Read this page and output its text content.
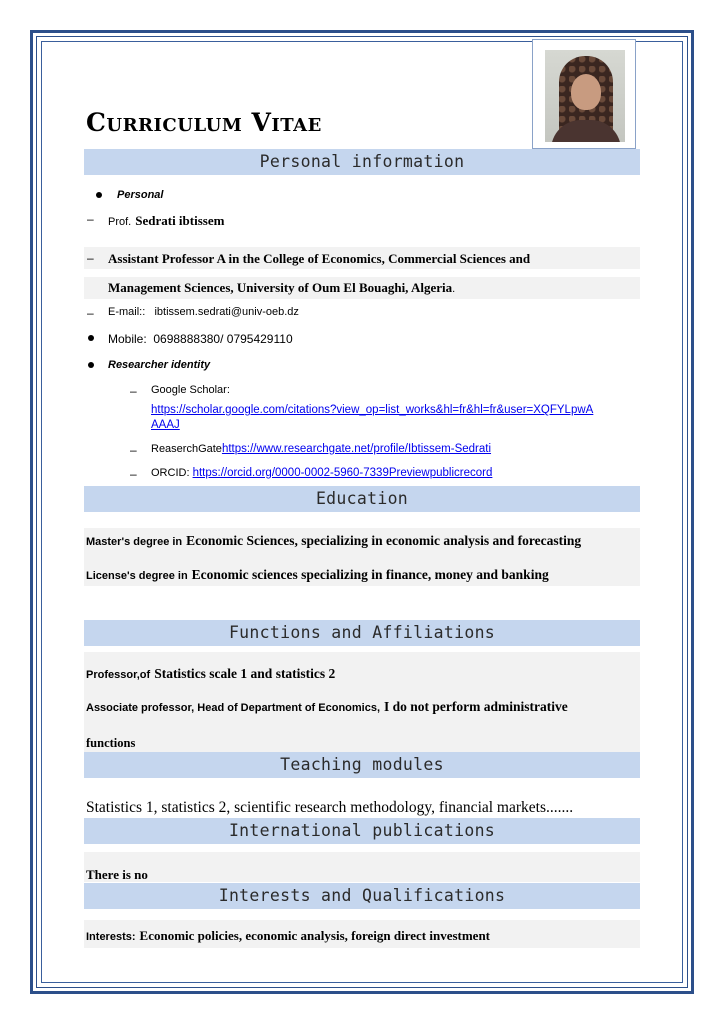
Curriculum Vitae
Personal information
Personal
– Prof. Sedrati ibtissem
– Assistant Professor A in the College of Economics, Commercial Sciences and
Management Sciences, University of Oum El Bouaghi, Algeria.
– E-mail:: ibtissem.sedrati@univ-oeb.dz
Mobile: 0698888380/ 0795429110
Researcher identity
– Google Scholar:
https://scholar.google.com/citations?view_op=list_works&hl=fr&hl=fr&user=XQFYLpwA
AAAJ
– ReaserchGatehttps://www.researchgate.net/profile/Ibtissem-Sedrati
– ORCID: https://orcid.org/0000-0002-5960-7339Previewpublicrecord
Education
Master's degree in Economic Sciences, specializing in economic analysis and forecasting
License's degree in Economic sciences specializing in finance, money and banking
Functions and Affiliations
Professor,of Statistics scale 1 and statistics 2
Associate professor, Head of Department of Economics, I do not perform administrative
functions
Teaching modules
Statistics 1, statistics 2, scientific research methodology, financial markets.......
International publications
There is no
Interests and Qualifications
Interests: Economic policies, economic analysis, foreign direct investment
